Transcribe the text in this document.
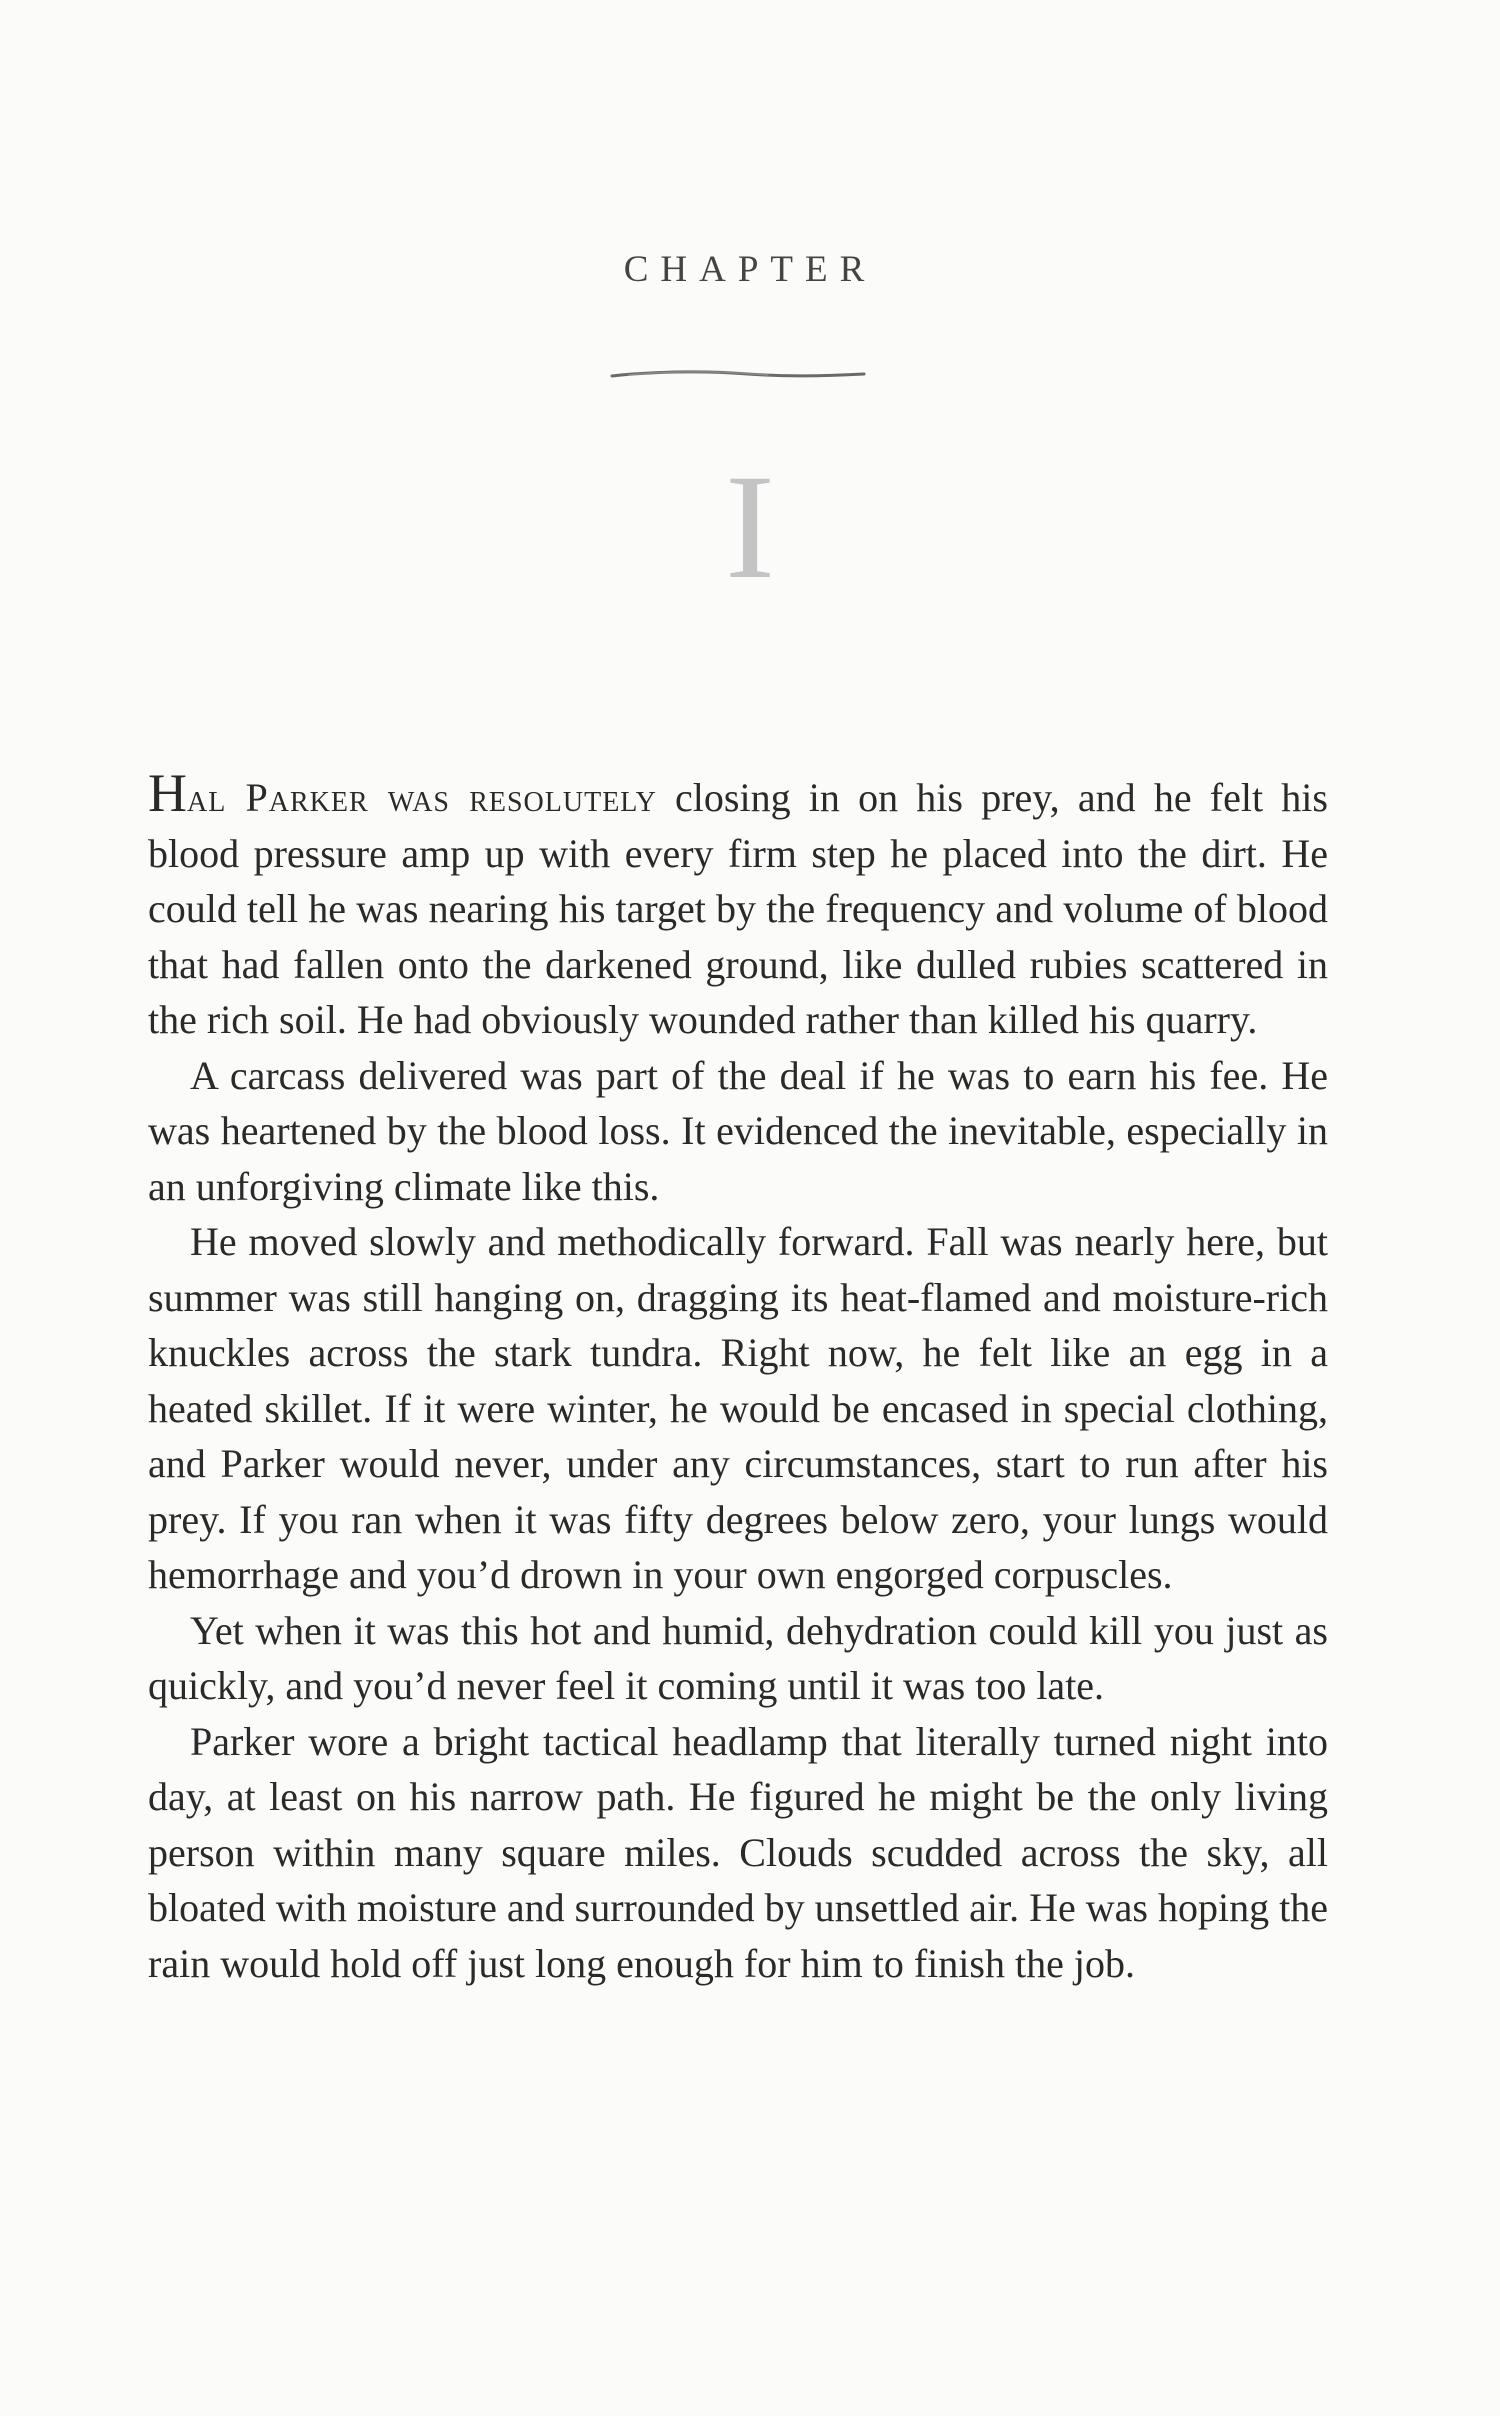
CHAPTER
I

Hal Parker was resolutely closing in on his prey, and he felt his blood pressure amp up with every firm step he placed into the dirt. He could tell he was nearing his target by the frequency and volume of blood that had fallen onto the darkened ground, like dulled rubies scattered in the rich soil. He had obviously wounded rather than killed his quarry.

A carcass delivered was part of the deal if he was to earn his fee. He was heartened by the blood loss. It evidenced the inevitable, especially in an unforgiving climate like this.

He moved slowly and methodically forward. Fall was nearly here, but summer was still hanging on, dragging its heat-flamed and moisture-rich knuckles across the stark tundra. Right now, he felt like an egg in a heated skillet. If it were winter, he would be encased in special clothing, and Parker would never, under any circumstances, start to run after his prey. If you ran when it was fifty degrees below zero, your lungs would hemorrhage and you’d drown in your own engorged corpuscles.

Yet when it was this hot and humid, dehydration could kill you just as quickly, and you’d never feel it coming until it was too late.

Parker wore a bright tactical headlamp that literally turned night into day, at least on his narrow path. He figured he might be the only living person within many square miles. Clouds scudded across the sky, all bloated with moisture and surrounded by unsettled air. He was hoping the rain would hold off just long enough for him to finish the job.
